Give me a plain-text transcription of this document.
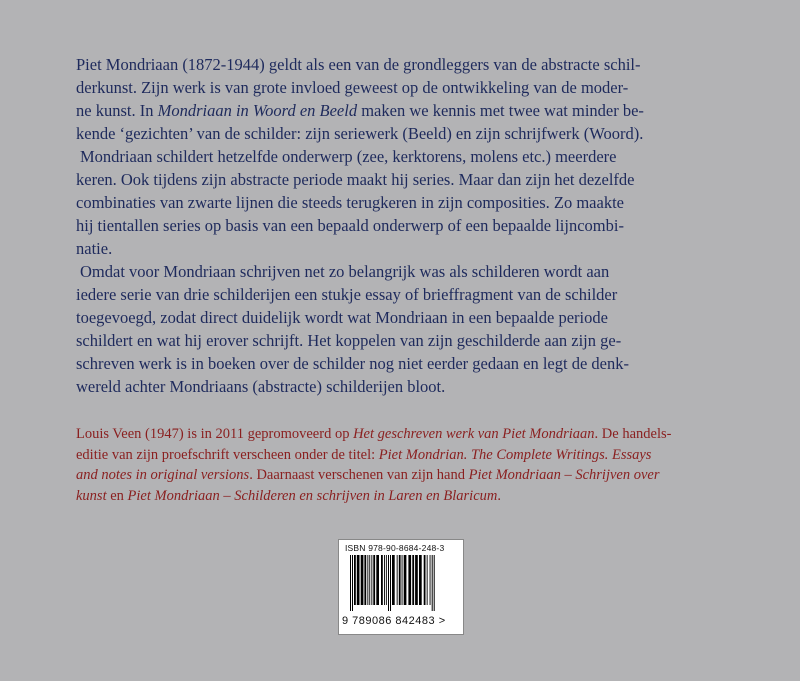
Piet Mondriaan (1872-1944) geldt als een van de grondleggers van de abstracte schil-
derkunst. Zijn werk is van grote invloed geweest op de ontwikkeling van de moder-
ne kunst. In Mondriaan in Woord en Beeld maken we kennis met twee wat minder be-
kende ‘gezichten’ van de schilder: zijn seriewerk (Beeld) en zijn schrijfwerk (Woord).
Mondriaan schildert hetzelfde onderwerp (zee, kerktorens, molens etc.) meerdere
keren. Ook tijdens zijn abstracte periode maakt hij series. Maar dan zijn het dezelfde
combinaties van zwarte lijnen die steeds terugkeren in zijn composities. Zo maakte
hij tientallen series op basis van een bepaald onderwerp of een bepaalde lijncombi-
natie.
Omdat voor Mondriaan schrijven net zo belangrijk was als schilderen wordt aan
iedere serie van drie schilderijen een stukje essay of brieffragment van de schilder
toegevoegd, zodat direct duidelijk wordt wat Mondriaan in een bepaalde periode
schildert en wat hij erover schrijft. Het koppelen van zijn geschilderde aan zijn ge-
schreven werk is in boeken over de schilder nog niet eerder gedaan en legt de denk-
wereld achter Mondriaans (abstracte) schilderijen bloot.
Louis Veen (1947) is in 2011 gepromoveerd op Het geschreven werk van Piet Mondriaan. De handels-
editie van zijn proefschrift verscheen onder de titel: Piet Mondrian. The Complete Writings. Essays
and notes in original versions. Daarnaast verschenen van zijn hand Piet Mondriaan – Schrijven over
kunst en Piet Mondriaan – Schilderen en schrijven in Laren en Blaricum.
ISBN 978-90-8684-248-3
9 789086 842483 >
